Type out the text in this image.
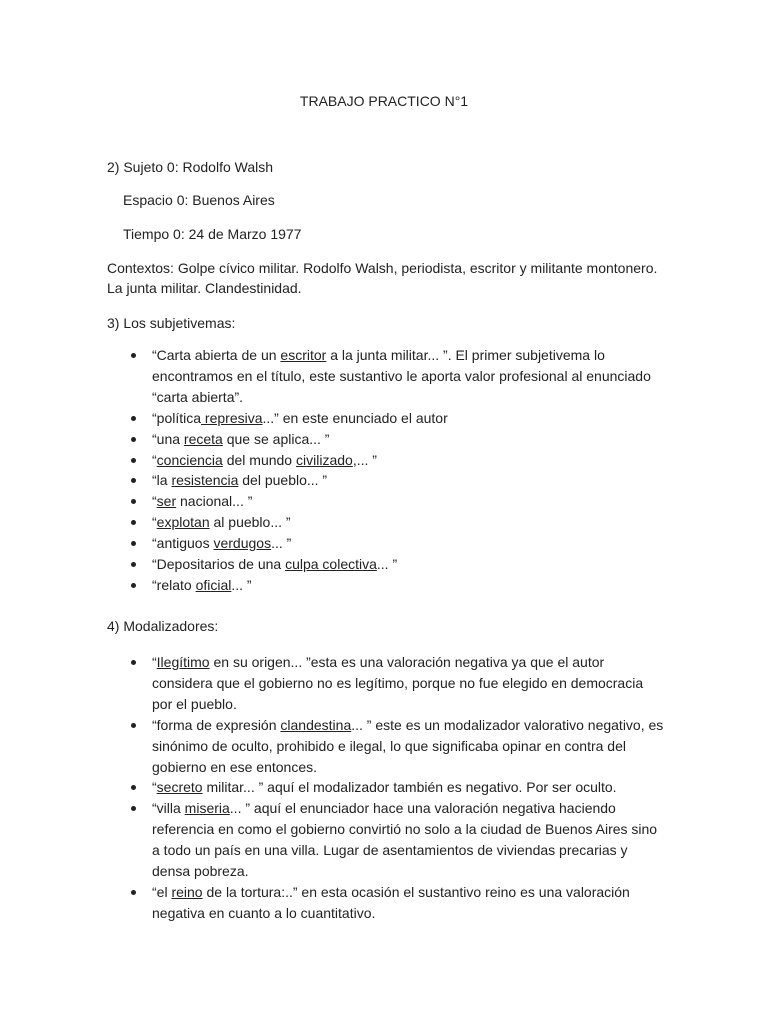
TRABAJO PRACTICO N°1
2) Sujeto 0: Rodolfo Walsh
Espacio 0: Buenos Aires
Tiempo 0: 24 de Marzo 1977
Contextos: Golpe cívico militar. Rodolfo Walsh, periodista, escritor y militante montonero. La junta militar. Clandestinidad.
3) Los subjetivemas:
“Carta abierta de un escritor a la junta militar... ”. El primer subjetivema lo encontramos en el título, este sustantivo le aporta valor profesional al enunciado “carta abierta”.
“política represiva...” en este enunciado el autor
“una receta que se aplica... ”
“conciencia del mundo civilizado,... ”
“la resistencia del pueblo... ”
“ser nacional... ”
“explotan al pueblo... ”
“antiguos verdugos... ”
“Depositarios de una culpa colectiva... ”
“relato oficial... ”
4) Modalizadores:
“Ilegítimo en su origen... ”esta es una valoración negativa ya que el autor considera que el gobierno no es legítimo, porque no fue elegido en democracia por el pueblo.
“forma de expresión clandestina... ” este es un modalizador valorativo negativo, es sinónimo de oculto, prohibido e ilegal, lo que significaba opinar en contra del gobierno en ese entonces.
“secreto militar... ” aquí el modalizador también es negativo. Por ser oculto.
“villa miseria... ” aquí el enunciador hace una valoración negativa haciendo referencia en como el gobierno convirtió no solo a la ciudad de Buenos Aires sino a todo un país en una villa. Lugar de asentamientos de viviendas precarias y densa pobreza.
“el reino de la tortura:..” en esta ocasión el sustantivo reino es una valoración negativa en cuanto a lo cuantitativo.
